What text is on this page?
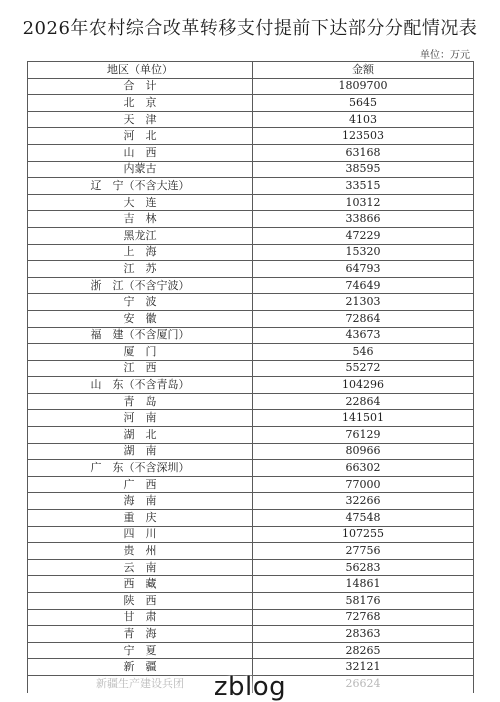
2026年农村综合改革转移支付提前下达部分分配情况表
单位：万元
地区（单位）	金额
合　计	1809700
北　京	5645
天　津	4103
河　北	123503
山　西	63168
内蒙古	38595
辽　宁（不含大连）	33515
大　连	10312
吉　林	33866
黑龙江	47229
上　海	15320
江　苏	64793
浙　江（不含宁波）	74649
宁　波	21303
安　徽	72864
福　建（不含厦门）	43673
厦　门	546
江　西	55272
山　东（不含青岛）	104296
青　岛	22864
河　南	141501
湖　北	76129
湖　南	80966
广　东（不含深圳）	66302
广　西	77000
海　南	32266
重　庆	47548
四　川	107255
贵　州	27756
云　南	56283
西　藏	14861
陕　西	58176
甘　肃	72768
青　海	28363
宁　夏	28265
新　疆	32121
新疆生产建设兵团	26624
zblog
